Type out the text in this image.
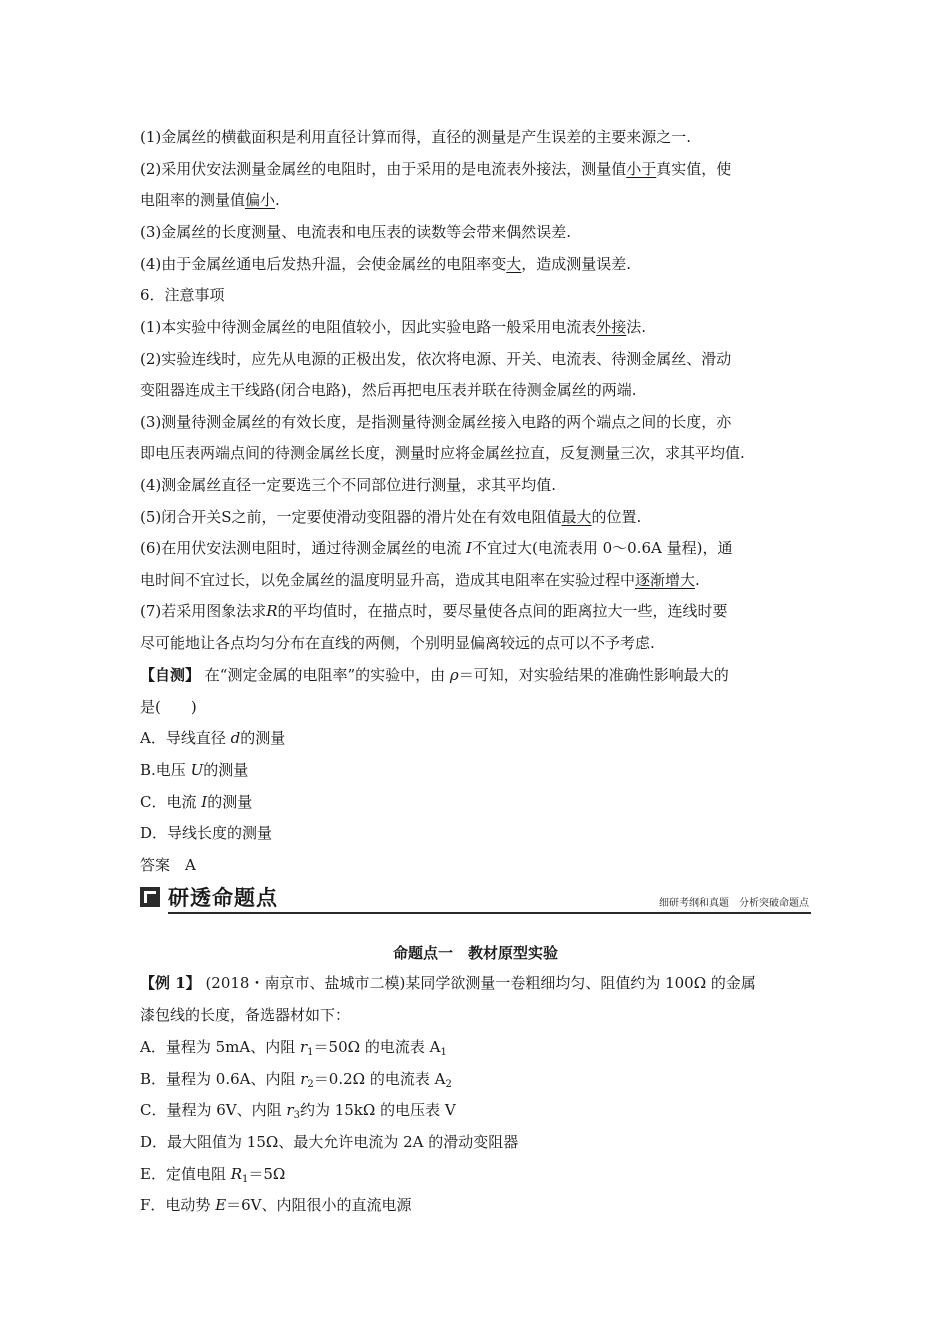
(1)金属丝的横截面积是利用直径计算而得，直径的测量是产生误差的主要来源之一.
(2)采用伏安法测量金属丝的电阻时，由于采用的是电流表外接法，测量值小于真实值，使
电阻率的测量值偏小.
(3)金属丝的长度测量、电流表和电压表的读数等会带来偶然误差.
(4)由于金属丝通电后发热升温，会使金属丝的电阻率变大，造成测量误差.
6．注意事项
(1)本实验中待测金属丝的电阻值较小，因此实验电路一般采用电流表外接法.
(2)实验连线时，应先从电源的正极出发，依次将电源、开关、电流表、待测金属丝、滑动
变阻器连成主干线路(闭合电路)，然后再把电压表并联在待测金属丝的两端.
(3)测量待测金属丝的有效长度，是指测量待测金属丝接入电路的两个端点之间的长度，亦
即电压表两端点间的待测金属丝长度，测量时应将金属丝拉直，反复测量三次，求其平均值.
(4)测金属丝直径一定要选三个不同部位进行测量，求其平均值.
(5)闭合开关S之前，一定要使滑动变阻器的滑片处在有效电阻值最大的位置.
(6)在用伏安法测电阻时，通过待测金属丝的电流 I不宜过大(电流表用 0～0.6A 量程)，通
电时间不宜过长，以免金属丝的温度明显升高，造成其电阻率在实验过程中逐渐增大.
(7)若采用图象法求R的平均值时，在描点时，要尽量使各点间的距离拉大一些，连线时要
尽可能地让各点均匀分布在直线的两侧，个别明显偏离较远的点可以不予考虑.
【自测】 在“测定金属的电阻率”的实验中，由 ρ＝可知，对实验结果的准确性影响最大的
是(　　)
A．导线直径 d的测量
B.电压 U的测量
C．电流 I的测量
D．导线长度的测量
答案　A
研透命题点	细研考纲和真题　分析突破命题点
命题点一　教材原型实验
【例 1】 (2018・南京市、盐城市二模)某同学欲测量一卷粗细均匀、阻值约为 100Ω 的金属
漆包线的长度，备选器材如下：
A．量程为 5mA、内阻 $r_1=50\Omega$ 的电流表 $A_1$
B．量程为 0.6A、内阻 $r_2=0.2\Omega$ 的电流表 $A_2$
C．量程为 6V、内阻 $r_3$约为 15kΩ 的电压表 V
D．最大阻值为 15Ω、最大允许电流为 2A 的滑动变阻器
E．定值电阻 $R_1=5\Omega$
F．电动势 E＝6V、内阻很小的直流电源
